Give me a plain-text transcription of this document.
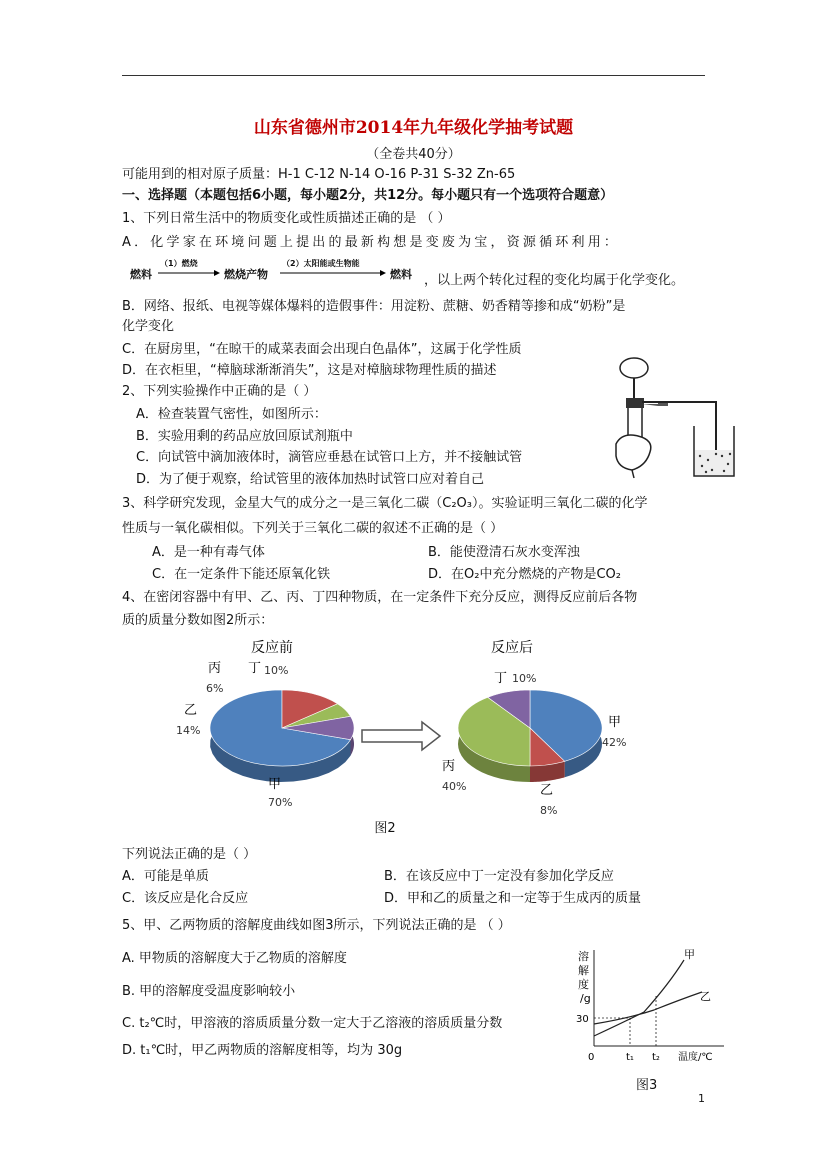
山东省德州市2014年九年级化学抽考试题
（全卷共40分）
可能用到的相对原子质量：H-1 C-12 N-14 O-16 P-31 S-32 Zn-65
一、选择题（本题包括6小题，每小题2分，共12分。每小题只有一个选项符合题意）
1、下列日常生活中的物质变化或性质描述正确的是 （ ）
A．化学家在环境问题上提出的最新构想是变废为宝，资源循环利用：
燃料
（1）燃烧
燃烧产物
（2）太阳能或生物能
燃料 ，以上两个转化过程的变化均属于化学变化。
B．网络、报纸、电视等媒体爆料的造假事件：用淀粉、蔗糖、奶香精等掺和成“奶粉”是
化学变化
C．在厨房里，“在晾干的咸菜表面会出现白色晶体”，这属于化学性质
D．在衣柜里，“樟脑球渐渐消失”，这是对樟脑球物理性质的描述
2、下列实验操作中正确的是（ ）
A．检查装置气密性，如图所示：
B．实验用剩的药品应放回原试剂瓶中
C．向试管中滴加液体时，滴管应垂悬在试管口上方，并不接触试管
D．为了便于观察，给试管里的液体加热时试管口应对着自己
3、科学研究发现，金星大气的成分之一是三氧化二碳（C₂O₃）。实验证明三氧化二碳的化学
性质与一氧化碳相似。下列关于三氧化二碳的叙述不正确的是（ ）
A．是一种有毒气体	B．能使澄清石灰水变浑浊
C．在一定条件下能还原氧化铁	D．在O₂中充分燃烧的产物是CO₂
4、在密闭容器中有甲、乙、丙、丁四种物质，在一定条件下充分反应，测得反应前后各物
质的质量分数如图2所示：
反应前	反应后
甲
70%
乙
14%
丙
6%
丁 10%
甲
42%
乙
8%
丙
40%
丁 10%
图2
下列说法正确的是（ ）
A．可能是单质	B．在该反应中丁一定没有参加化学反应
C．该反应是化合反应	D．甲和乙的质量之和一定等于生成丙的质量
5、甲、乙两物质的溶解度曲线如图3所示，下列说法正确的是 （ ）
A. 甲物质的溶解度大于乙物质的溶解度
B. 甲的溶解度受温度影响较小
C. t₂℃时，甲溶液的溶质质量分数一定大于乙溶液的溶质质量分数
D. t₁℃时，甲乙两物质的溶解度相等，均为 30g
溶
解
度
/g
30
甲
乙
0	t₁ t₂ 温度/℃
图3
1
